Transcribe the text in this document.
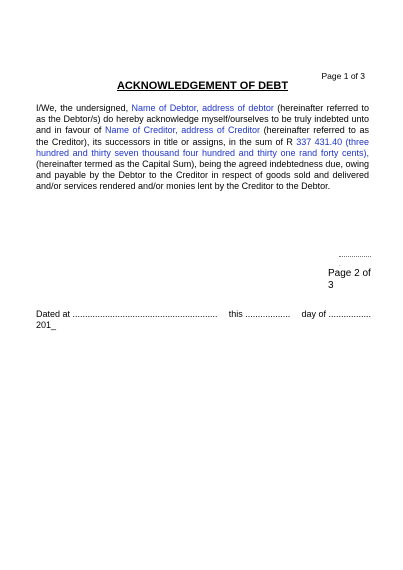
Page 1 of 3
ACKNOWLEDGEMENT OF DEBT

I/We, the undersigned, Name of Debtor, address of debtor (hereinafter referred to as the Debtor/s) do hereby acknowledge myself/ourselves to be truly indebted unto and in favour of Name of Creditor, address of Creditor (hereinafter referred to as the Creditor), its successors in title or assigns, in the sum of R 337 431.40 (three hundred and thirty seven thousand four hundred and thirty one rand forty cents), (hereinafter termed as the Capital Sum), being the agreed indebtedness due, owing and payable by the Debtor to the Creditor in respect of goods sold and delivered and/or services rendered and/or monies lent by the Creditor to the Debtor.

.
Page 2 of 3
Dated at .......................................................... this .................. day of .................
201_
